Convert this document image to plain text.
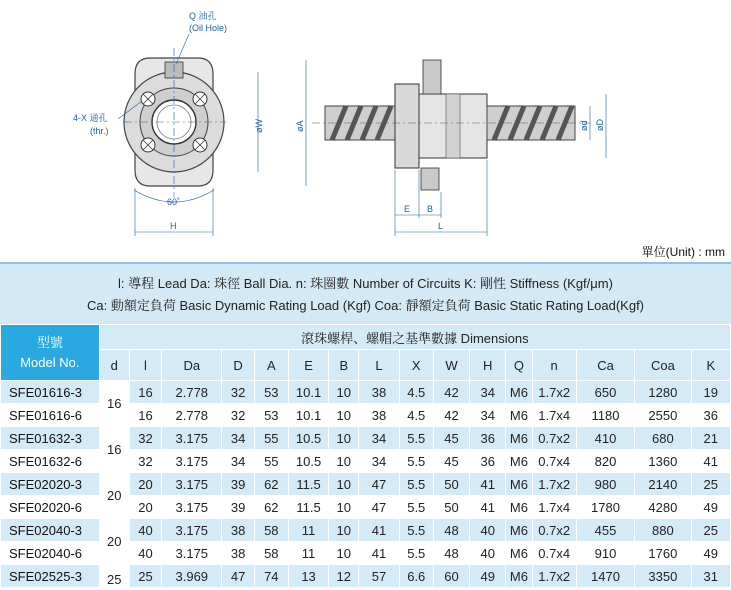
60˚
H
øW
Q 油孔
(Oil Hole)
4-X 通孔
(thr.)	øA	ød øD
E B
L
單位(Unit) : mm
l: 導程 Lead Da: 珠徑 Ball Dia. n: 珠圈數 Number of Circuits K: 剛性 Stiffness (Kgf/μm)
Ca: 動額定負荷 Basic Dynamic Rating Load (Kgf) Coa: 靜額定負荷 Basic Static Rating Load(Kgf)
型號
Model No.	滾珠螺桿、螺帽之基準數據 Dimensions															
	d	l	Da	D	A	E	B	L	X	W	H	Q	n	Ca	Coa	K
SFE01616-3	16	16	2.778	32	53	10.1	10	38	4.5	42	34	M6	1.7x2	650	1280	19
SFE01616-6		16	2.778	32	53	10.1	10	38	4.5	42	34	M6	1.7x4	1180	2550	36
SFE01632-3	16	32	3.175	34	55	10.5	10	34	5.5	45	36	M6	0.7x2	410	680	21
SFE01632-6		32	3.175	34	55	10.5	10	34	5.5	45	36	M6	0.7x4	820	1360	41
SFE02020-3	20	20	3.175	39	62	11.5	10	47	5.5	50	41	M6	1.7x2	980	2140	25
SFE02020-6		20	3.175	39	62	11.5	10	47	5.5	50	41	M6	1.7x4	1780	4280	49
SFE02040-3	20	40	3.175	38	58	11	10	41	5.5	48	40	M6	0.7x2	455	880	25
SFE02040-6		40	3.175	38	58	11	10	41	5.5	48	40	M6	0.7x4	910	1760	49
SFE02525-3	25	25	3.969	47	74	13	12	57	6.6	60	49	M6	1.7x2	1470	3350	31
